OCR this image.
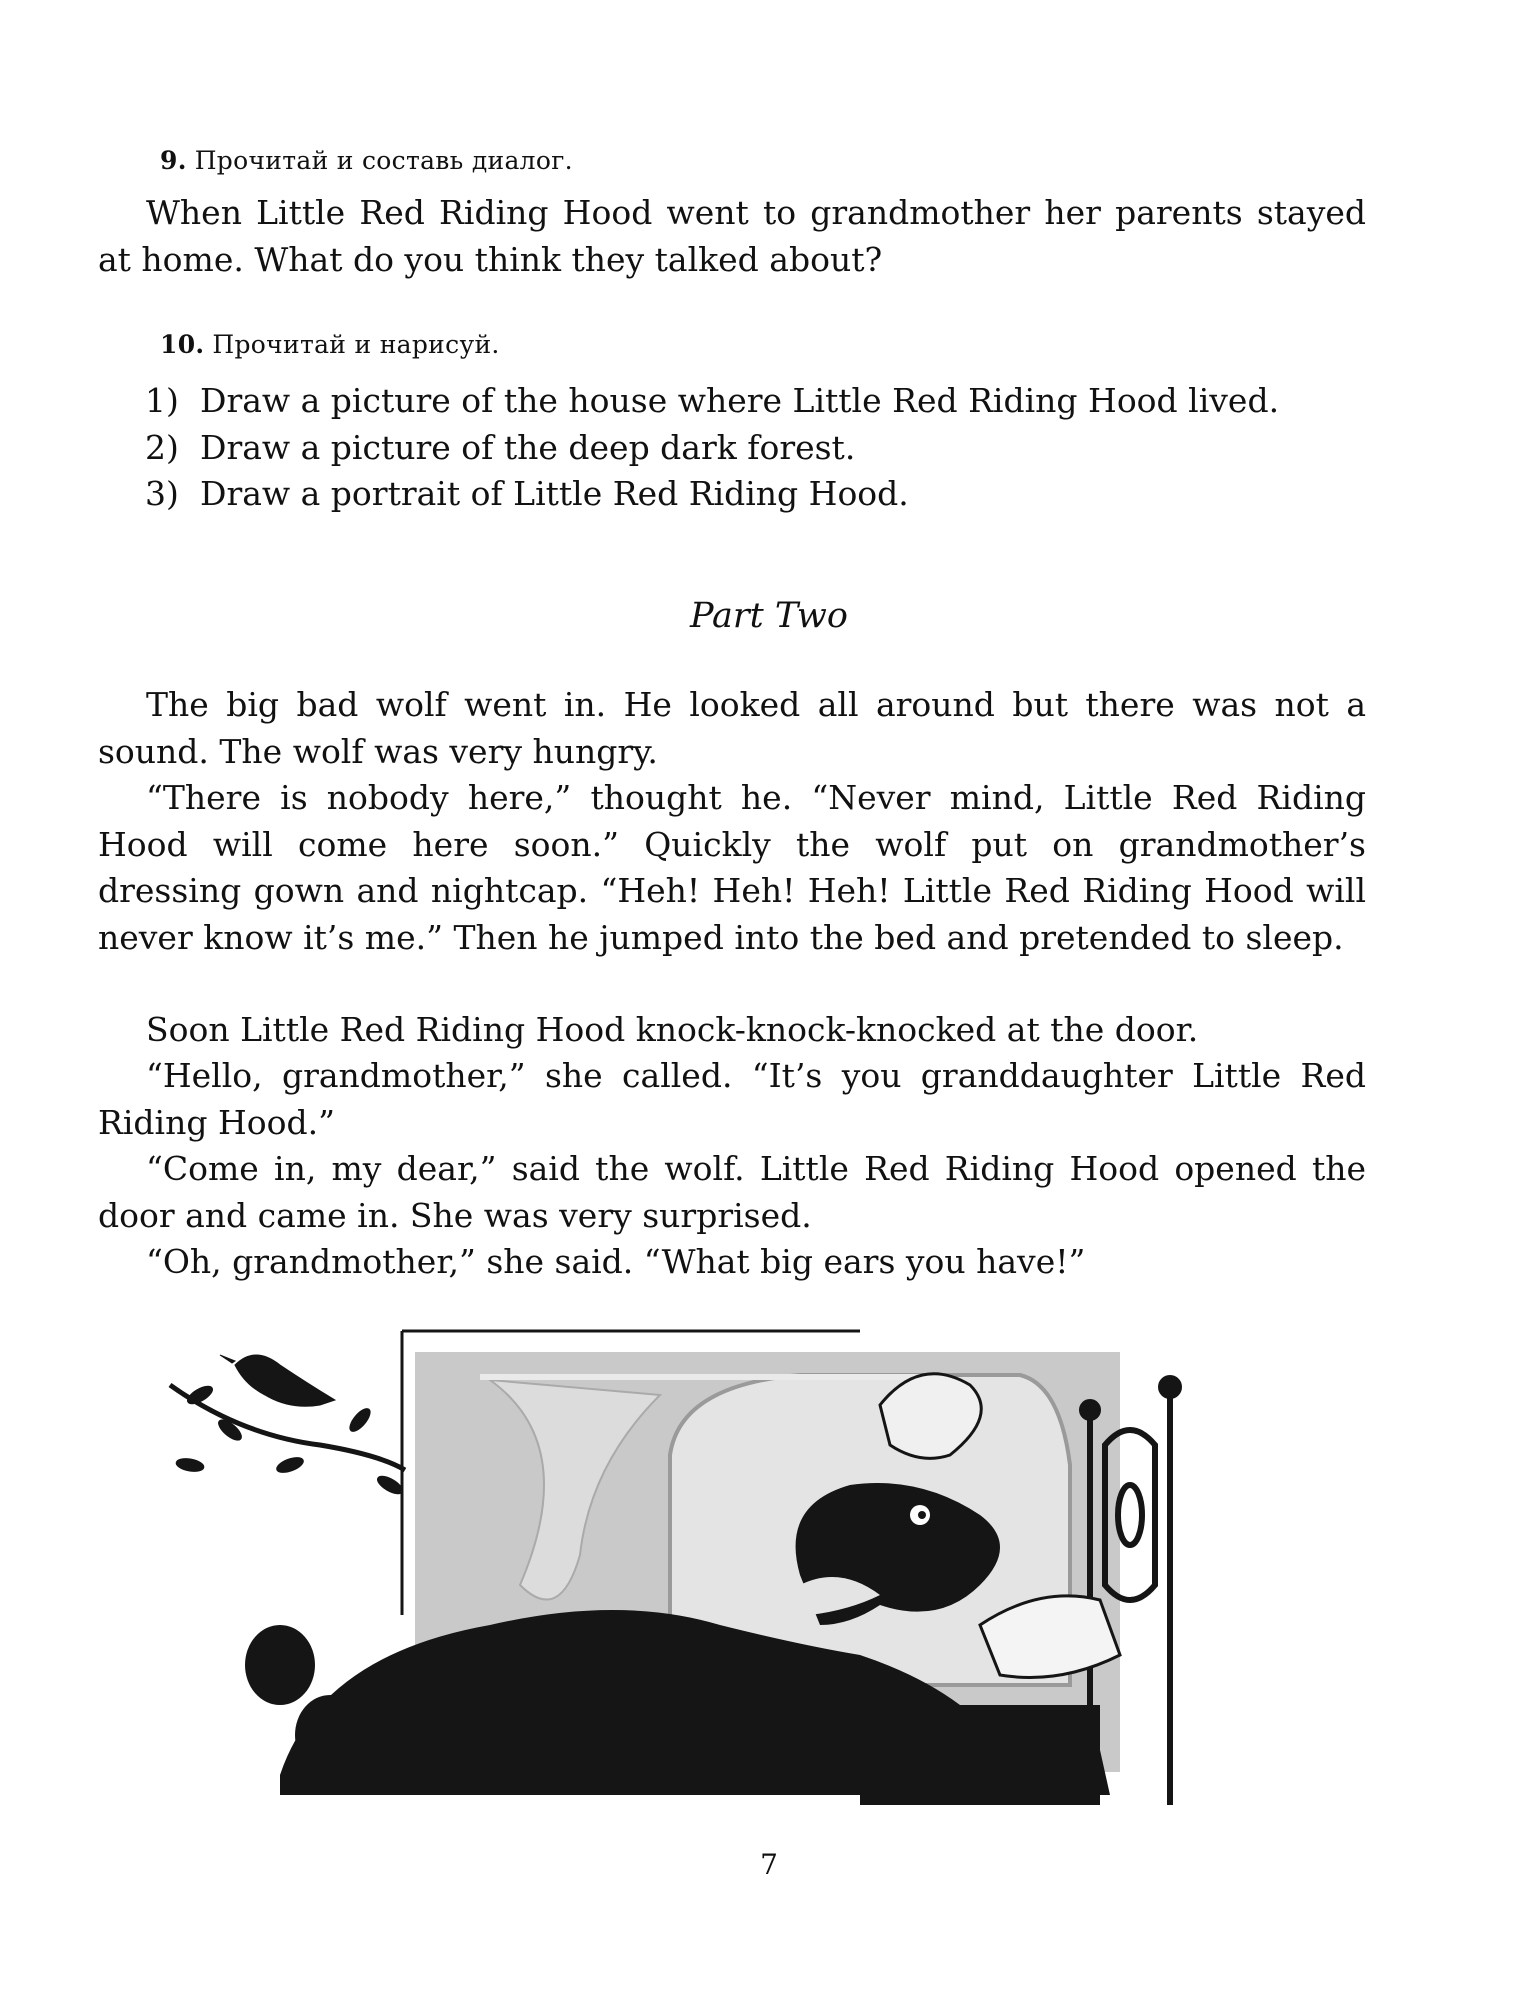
9. Прочитай и составь диалог.

When Little Red Riding Hood went to grandmother her parents stayed at home. What do you think they talked about?

10. Прочитай и нарисуй.
1) Draw a picture of the house where Little Red Riding Hood lived.
2) Draw a picture of the deep dark forest.
3) Draw a portrait of Little Red Riding Hood.
Part Two

The big bad wolf went in. He looked all around but there was not a sound. The wolf was very hungry.

“There is nobody here,” thought he. “Never mind, Little Red Riding Hood will come here soon.” Quickly the wolf put on grandmother’s dressing gown and nightcap. “Heh! Heh! Heh! Little Red Riding Hood will never know it’s me.” Then he jumped into the bed and pretended to sleep.

Soon Little Red Riding Hood knock-knock-knocked at the door.

“Hello, grandmother,” she called. “It’s you granddaughter Little Red Riding Hood.”

“Come in, my dear,” said the wolf. Little Red Riding Hood opened the door and came in. She was very surprised.

“Oh, grandmother,” she said. “What big ears you have!”

7
